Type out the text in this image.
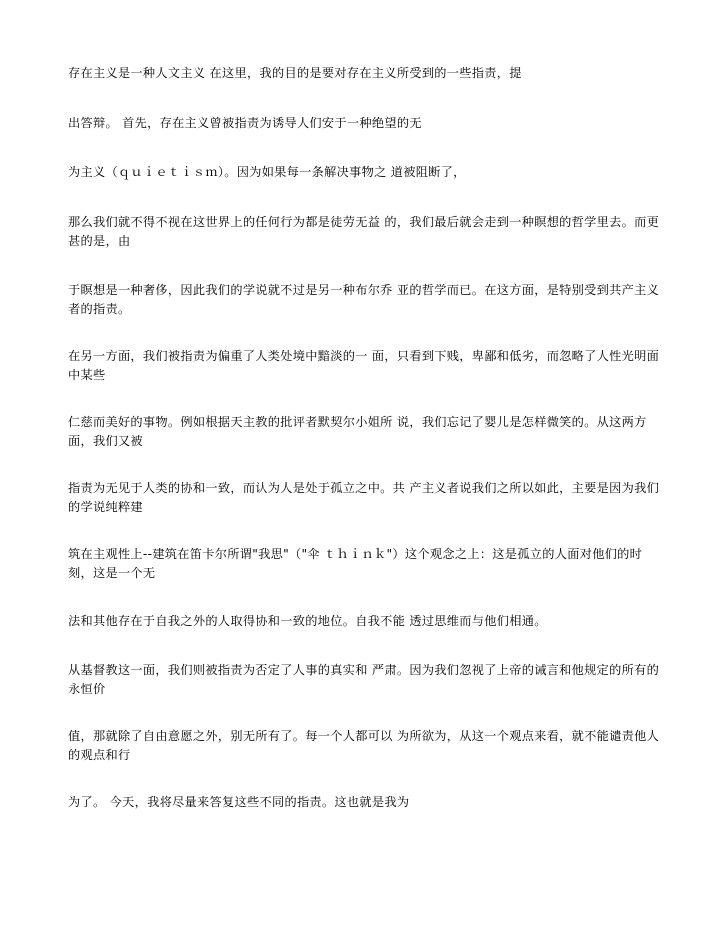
存在主义是一种人文主义 在这里，我的目的是要对存在主义所受到的一些指责，提

出答辩。 首先，存在主义曾被指责为诱导人们安于一种绝望的无

为主义（ｑｕｉｅｔｉｓｍ）。因为如果每一条解决事物之 道被阻断了，

那么我们就不得不视在这世界上的任何行为都是徒劳无益 的，我们最后就会走到一种瞑想的哲学里去。而更甚的是，由

于瞑想是一种奢侈，因此我们的学说就不过是另一种布尔乔 亚的哲学而已。在这方面，是特别受到共产主义者的指责。

在另一方面，我们被指责为偏重了人类处境中黯淡的一 面，只看到下贱，卑鄙和低劣，而忽略了人性光明面中某些

仁慈而美好的事物。例如根据天主教的批评者默契尔小姐所 说，我们忘记了婴儿是怎样微笑的。从这两方面，我们又被

指责为无见于人类的协和一致，而认为人是处于孤立之中。共 产主义者说我们之所以如此，主要是因为我们的学说纯粹建

筑在主观性上--建筑在笛卡尔所谓"我思"（"伞 ｔｈｉｎｋ"）这个观念之上：这是孤立的人面对他们的时刻，这是一个无

法和其他存在于自我之外的人取得协和一致的地位。自我不能 透过思维而与他们相通。

从基督教这一面，我们则被指责为否定了人事的真实和 严肃。因为我们忽视了上帝的诫言和他规定的所有的永恒价

值，那就除了自由意愿之外，别无所有了。每一个人都可以 为所欲为，从这一个观点来看，就不能谴责他人的观点和行

为了。 今天，我将尽量来答复这些不同的指责。这也就是我为
